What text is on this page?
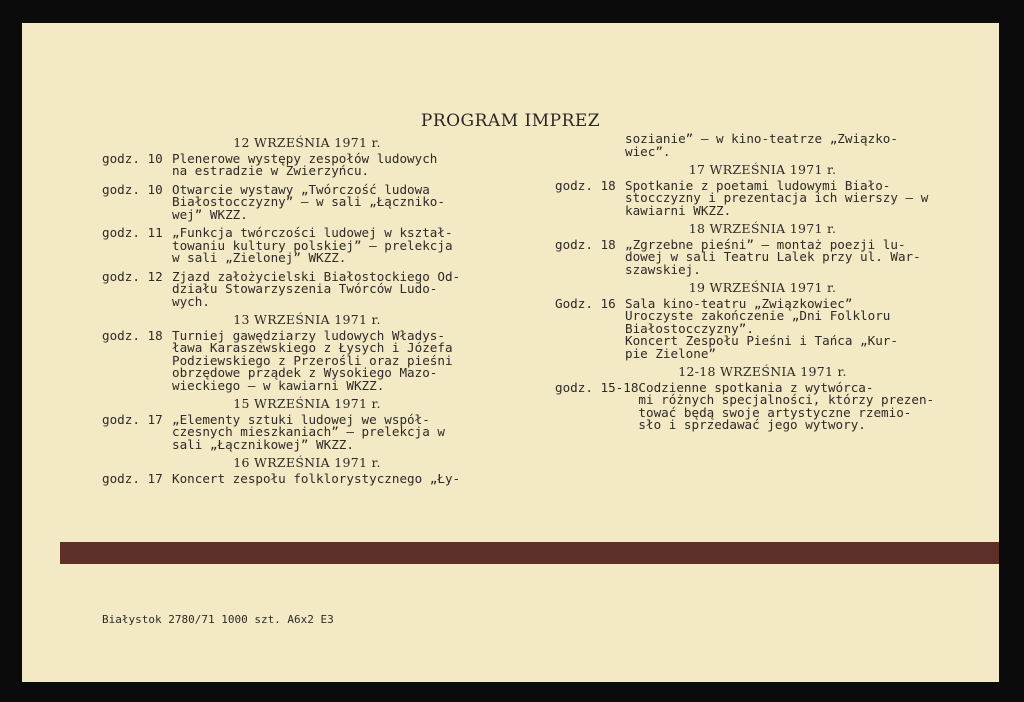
PROGRAM IMPREZ
12 WRZEŚNIA 1971 r.
godz. 10 Plenerowe występy zespołów ludowych
na estradzie w Zwierzyńcu.
godz. 10 Otwarcie wystawy „Twórczość ludowa
Białostocczyzny” — w sali „Łączniko-
wej” WKZZ.
godz. 11 „Funkcja twórczości ludowej w kształ-
towaniu kultury polskiej” — prelekcja
w sali „Zielonej” WKZZ.
godz. 12 Zjazd założycielski Białostockiego Od-
działu Stowarzyszenia Twórców Ludo-
wych.
13 WRZEŚNIA 1971 r.
godz. 18 Turniej gawędziarzy ludowych Władys-
ława Karaszewskiego z Łysych i Józefa
Podziewskiego z Przerośli oraz pieśni
obrzędowe prządek z Wysokiego Mazo-
wieckiego — w kawiarni WKZZ.
15 WRZEŚNIA 1971 r.
godz. 17 „Elementy sztuki ludowej we współ-
czesnych mieszkaniach” — prelekcja w
sali „Łącznikowej” WKZZ.
16 WRZEŚNIA 1971 r.
godz. 17 Koncert zespołu folklorystycznego „Ły-
sozianie” — w kino-teatrze „Związko-
wiec”.
17 WRZEŚNIA 1971 r.
godz. 18 Spotkanie z poetami ludowymi Biało-
stocczyzny i prezentacja ich wierszy — w
kawiarni WKZZ.
18 WRZEŚNIA 1971 r.
godz. 18 „Zgrzebne pieśni” — montaż poezji lu-
dowej w sali Teatru Lalek przy ul. War-
szawskiej.
19 WRZEŚNIA 1971 r.
Godz. 16 Sala kino-teatru „Związkowiec”
Uroczyste zakończenie „Dni Folkloru
Białostocczyzny”.
Koncert Zespołu Pieśni i Tańca „Kur-
pie Zielone”
12-18 WRZEŚNIA 1971 r.
godz. 15-18 Codzienne spotkania z wytwórca-
mi różnych specjalności, którzy prezen-
tować będą swoje artystyczne rzemio-
sło i sprzedawać jego wytwory.
Białystok 2780/71 1000 szt. A6x2 E3
